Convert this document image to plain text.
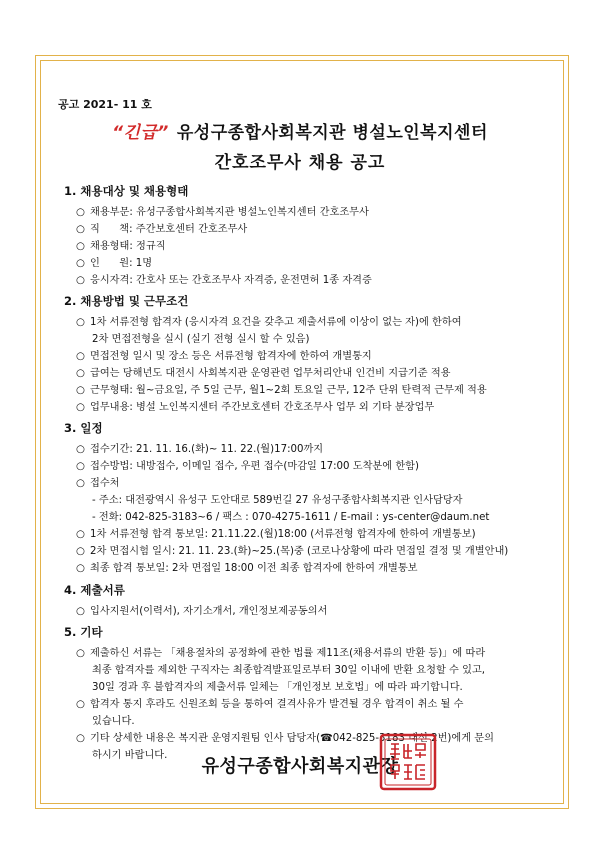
공고 2021- 11 호
“긴급” 유성구종합사회복지관 병설노인복지센터
간호조무사 채용 공고
1. 채용대상 및 채용형태
○ 채용부문: 유성구종합사회복지관 병설노인복지센터 간호조무사
○ 직      책: 주간보호센터 간호조무사
○ 채용형태: 정규직
○ 인      원: 1명
○ 응시자격: 간호사 또는 간호조무사 자격증, 운전면허 1종 자격증
2. 채용방법 및 근무조건
○ 1차 서류전형 합격자 (응시자격 요건을 갖추고 제출서류에 이상이 없는 자)에 한하여
2차 면접전형을 실시 (실기 전형 실시 할 수 있음)
○ 면접전형 일시 및 장소 등은 서류전형 합격자에 한하여 개별통지
○ 급여는 당해년도 대전시 사회복지관 운영관련 업무처리안내 인건비 지급기준 적용
○ 근무형태: 월~금요일, 주 5일 근무, 월1~2회 토요일 근무, 12주 단위 탄력적 근무제 적용
○ 업무내용: 병설 노인복지센터 주간보호센터 간호조무사 업무 외 기타 분장업무
3. 일정
○ 접수기간: 21. 11. 16.(화)~ 11. 22.(월)17:00까지
○ 접수방법: 내방접수, 이메일 접수, 우편 접수(마감일 17:00 도착분에 한함)
○ 접수처
- 주소: 대전광역시 유성구 도안대로 589번길 27 유성구종합사회복지관 인사담당자
- 전화: 042-825-3183~6 / 팩스 : 070-4275-1611 / E-mail : ys-center@daum.net
○ 1차 서류전형 합격 통보일: 21.11.22.(월)18:00 (서류전형 합격자에 한하여 개별통보)
○ 2차 면접시험 일시: 21. 11. 23.(화)~25.(목)중 (코로나상황에 따라 면접일 결정 및 개별안내)
○ 최종 합격 통보일: 2차 면접일 18:00 이전 최종 합격자에 한하여 개별통보
4. 제출서류
○ 입사지원서(이력서), 자기소개서, 개인정보제공동의서
5. 기타
○ 제출하신 서류는 「채용절차의 공정화에 관한 법률 제11조(채용서류의 반환 등)」에 따라
최종 합격자를 제외한 구직자는 최종합격발표일로부터 30일 이내에 반환 요청할 수 있고,
30일 경과 후 불합격자의 제출서류 일체는 「개인정보 보호법」에 따라 파기합니다.
○ 합격자 통지 후라도 신원조회 등을 통하여 결격사유가 발견될 경우 합격이 취소 될 수
있습니다.
○ 기타 상세한 내용은 복지관 운영지원팀 인사 담당자(☎042-825-3183 내선 2번)에게 문의
하시기 바랍니다.
유성구종합사회복지관장
